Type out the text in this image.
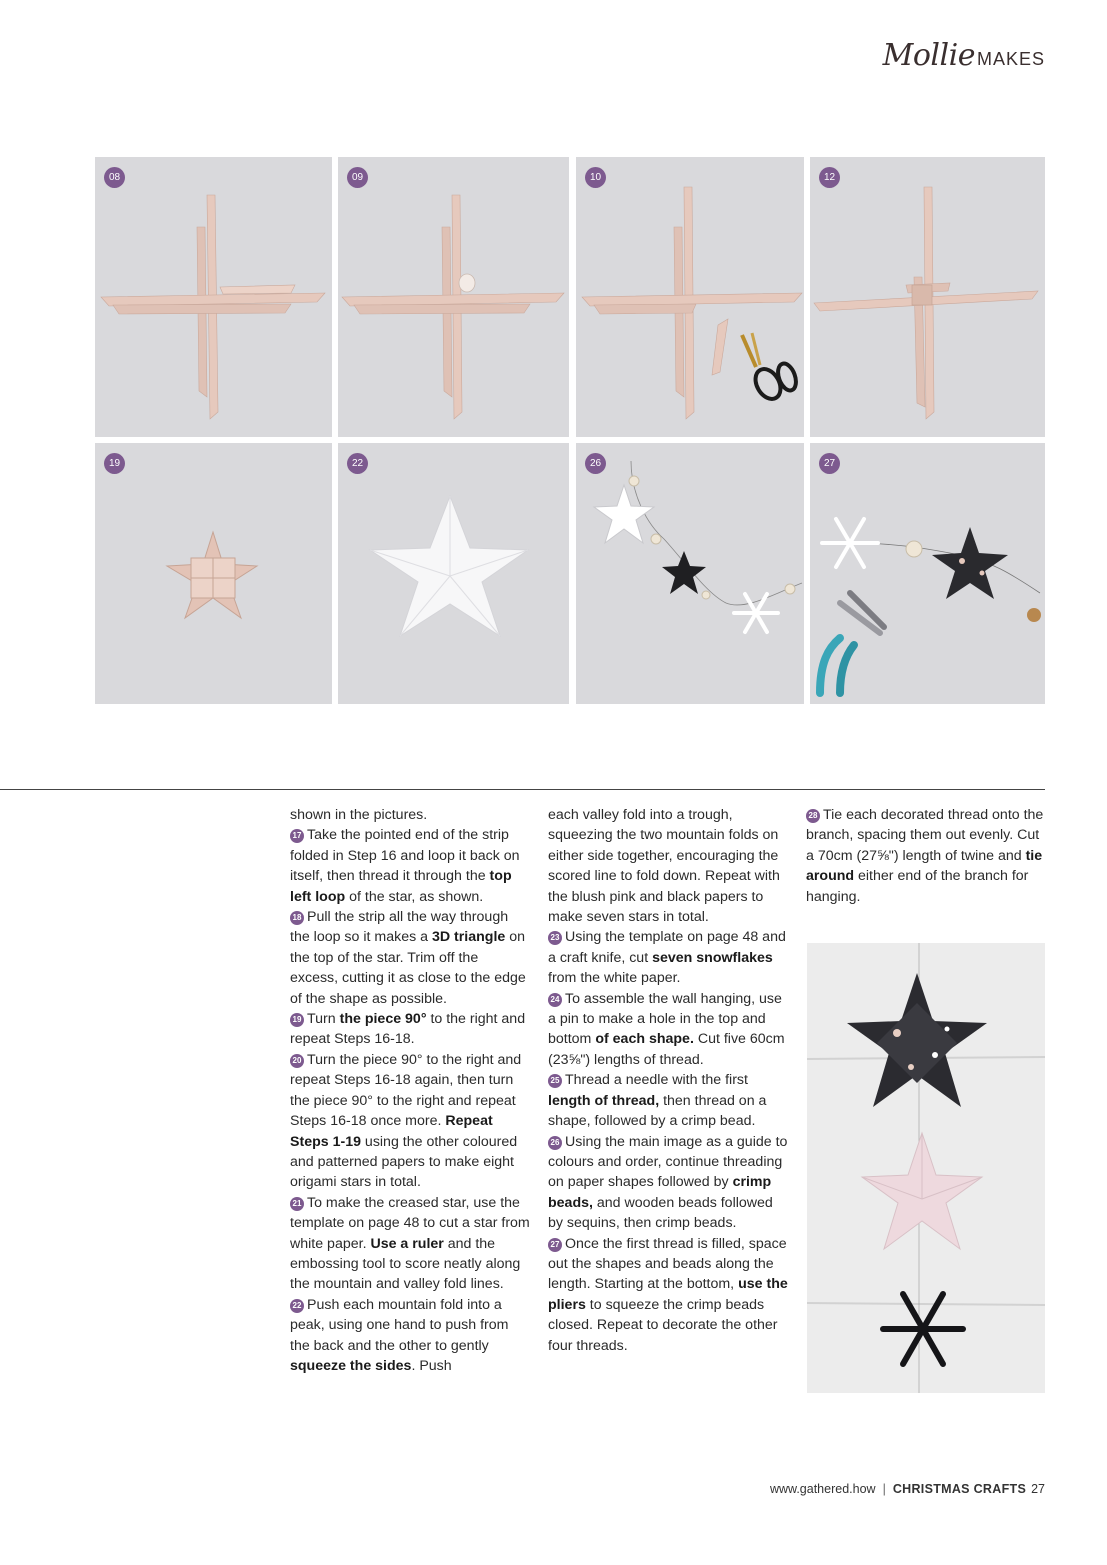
Mollie MAKES
08	09	10	12
19	22	26	27

shown in the pictures.

17 Take the pointed end of the strip folded in Step 16 and loop it back on itself, then thread it through the top left loop of the star, as shown.

18 Pull the strip all the way through the loop so it makes a 3D triangle on the top of the star. Trim off the excess, cutting it as close to the edge of the shape as possible.

19 Turn the piece 90° to the right and repeat Steps 16-18.

20 Turn the piece 90° to the right and repeat Steps 16-18 again, then turn the piece 90° to the right and repeat Steps 16-18 once more. Repeat Steps 1-19 using the other coloured and patterned papers to make eight origami stars in total.

21 To make the creased star, use the template on page 48 to cut a star from white paper. Use a ruler and the embossing tool to score neatly along the mountain and valley fold lines.

22 Push each mountain fold into a peak, using one hand to push from the back and the other to gently squeeze the sides. Push

each valley fold into a trough, squeezing the two mountain folds on either side together, encouraging the scored line to fold down. Repeat with the blush pink and black papers to make seven stars in total.

23 Using the template on page 48 and a craft knife, cut seven snowflakes from the white paper.

24 To assemble the wall hanging, use a pin to make a hole in the top and bottom of each shape. Cut five 60cm (23⅝") lengths of thread.

25 Thread a needle with the first length of thread, then thread on a shape, followed by a crimp bead.

26 Using the main image as a guide to colours and order, continue threading on paper shapes followed by crimp beads, and wooden beads followed by sequins, then crimp beads.

27 Once the first thread is filled, space out the shapes and beads along the length. Starting at the bottom, use the pliers to squeeze the crimp beads closed. Repeat to decorate the other four threads.

28 Tie each decorated thread onto the branch, spacing them out evenly. Cut a 70cm (27⅝") length of twine and tie around either end of the branch for hanging.

www.gathered.how | CHRISTMAS CRAFTS 27
